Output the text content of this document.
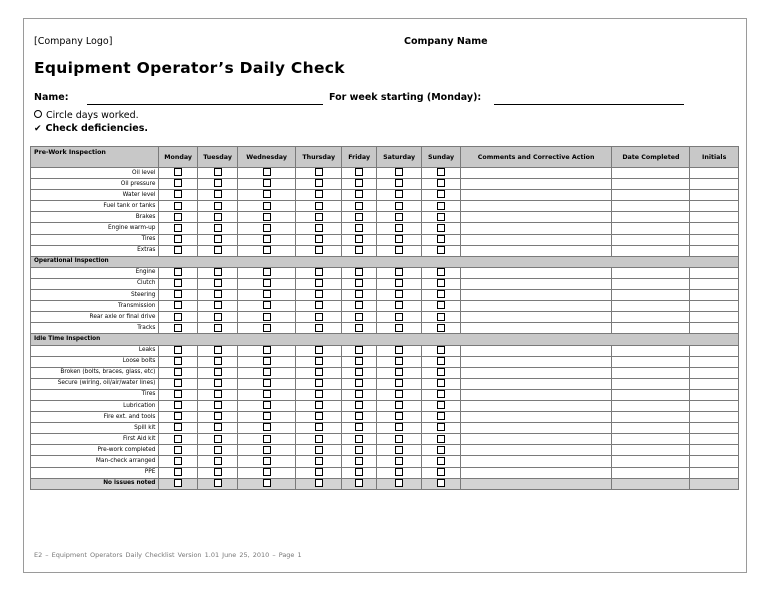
[Company Logo]	Company Name
Equipment Operator’s Daily Check
Name:	For week starting (Monday):
Circle days worked.
✔ Check deficiencies.
Pre-Work Inspection	Monday	Tuesday	Wednesday	Thursday	Friday	Saturday	Sunday	Comments and Corrective Action	Date Completed	Initials
Oil level										
Oil pressure										
Water level										
Fuel tank or tanks										
Brakes										
Engine warm-up										
Tires										
Extras										
Operational Inspection										
Engine										
Clutch										
Steering										
Transmission										
Rear axle or final drive										
Tracks										
Idle Time Inspection										
Leaks										
Loose bolts										
Broken (bolts, braces, glass, etc)										
Secure (wiring, oil/air/water lines)										
Tires										
Lubrication										
Fire ext. and tools										
Spill kit										
First Aid kit										
Pre-work completed										
Man-check arranged										
PPE										
No issues noted										
E2 – Equipment Operators Daily Checklist Version 1.01 June 25, 2010 – Page 1
